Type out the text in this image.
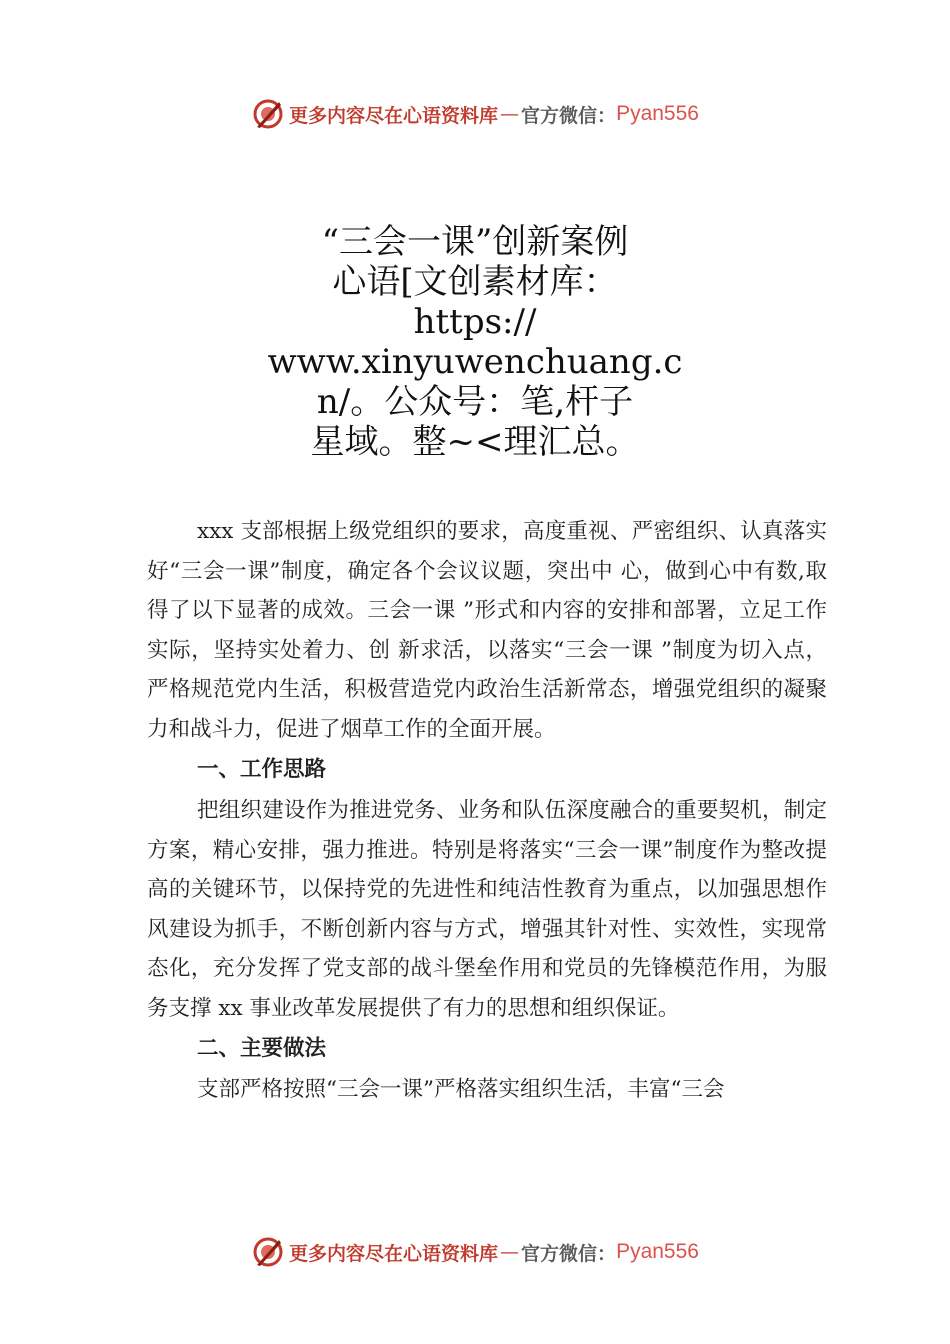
更多内容尽在心语资料库 — 官方微信： Pyan556
“三会一课”创新案例
心语[文创素材库：
https://
www.xinyuwenchuang.c
n/。公众号：笔,杆子
星域。整~<理汇总。

xxx 支部根据上级党组织的要求，高度重视、严密组织、认真落实好“三会一课”制度，确定各个会议议题，突出中 心，做到心中有数,取得了以下显著的成效。三会一课 ”形式和内容的安排和部署，立足工作实际，坚持实处着力、创 新求活，以落实“三会一课 ”制度为切入点，严格规范党内生活，积极营造党内政治生活新常态，增强党组织的凝聚力和战斗力，促进了烟草工作的全面开展。

一、工作思路

把组织建设作为推进党务、业务和队伍深度融合的重要契机，制定方案，精心安排，强力推进。特别是将落实“三会一课”制度作为整改提高的关键环节，以保持党的先进性和纯洁性教育为重点，以加强思想作风建设为抓手，不断创新内容与方式，增强其针对性、实效性，实现常态化，充分发挥了党支部的战斗堡垒作用和党员的先锋模范作用，为服务支撑 xx 事业改革发展提供了有力的思想和组织保证。

二、主要做法

支部严格按照“三会一课”严格落实组织生活，丰富“三会

更多内容尽在心语资料库 — 官方微信： Pyan556
